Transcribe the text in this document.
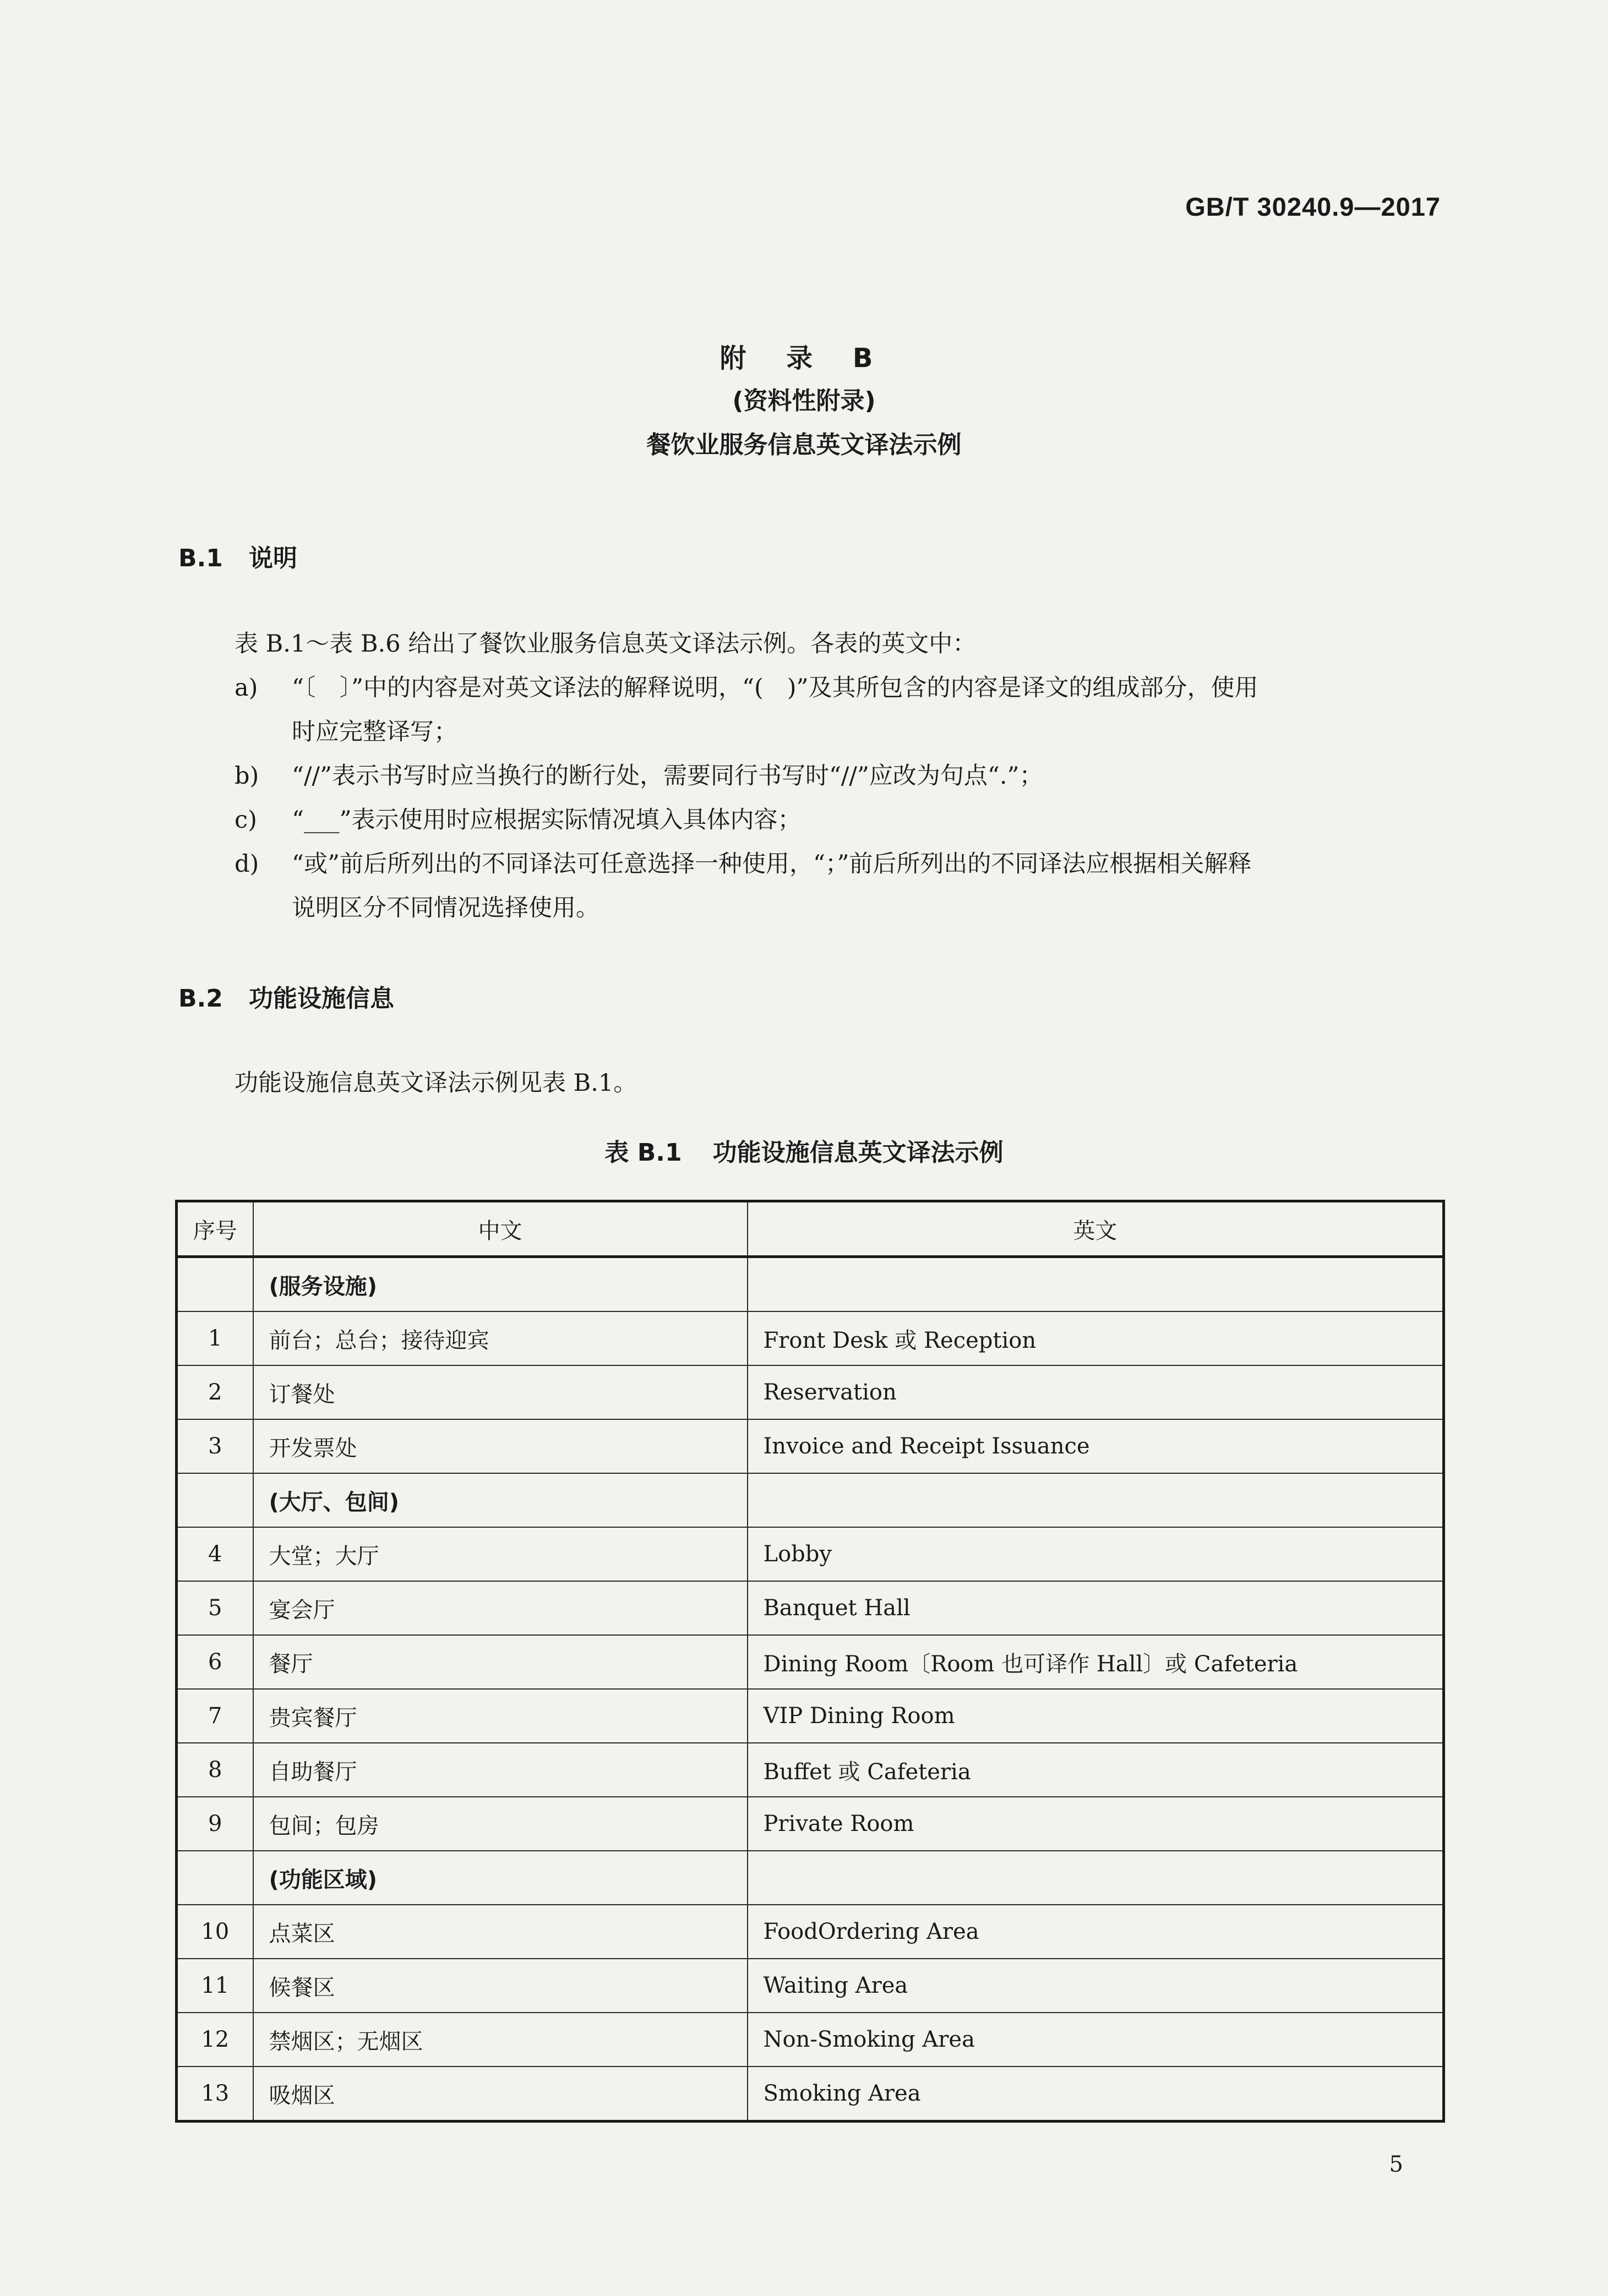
GB/T 30240.9—2017
附 录 B
(资料性附录)
餐饮业服务信息英文译法示例
B.1 说明
表 B.1～表 B.6 给出了餐饮业服务信息英文译法示例。各表的英文中：
a) “〔　〕”中的内容是对英文译法的解释说明，“(　)”及其所包含的内容是译文的组成部分，使用
时应完整译写；
b) “//”表示书写时应当换行的断行处，需要同行书写时“//”应改为句点“.”；
c) “___”表示使用时应根据实际情况填入具体内容；
d) “或”前后所列出的不同译法可任意选择一种使用，“；”前后所列出的不同译法应根据相关解释
说明区分不同情况选择使用。
B.2 功能设施信息
功能设施信息英文译法示例见表 B.1。
表 B.1 功能设施信息英文译法示例
序号	中文	英文
	(服务设施)	
1	前台；总台；接待迎宾	Front Desk 或 Reception
2	订餐处	Reservation
3	开发票处	Invoice and Receipt Issuance
	(大厅、包间)	
4	大堂；大厅	Lobby
5	宴会厅	Banquet Hall
6	餐厅	Dining Room〔Room 也可译作 Hall〕或 Cafeteria
7	贵宾餐厅	VIP Dining Room
8	自助餐厅	Buffet 或 Cafeteria
9	包间；包房	Private Room
	(功能区域)	
10	点菜区	FoodOrdering Area
11	候餐区	Waiting Area
12	禁烟区；无烟区	Non-Smoking Area
13	吸烟区	Smoking Area
5
